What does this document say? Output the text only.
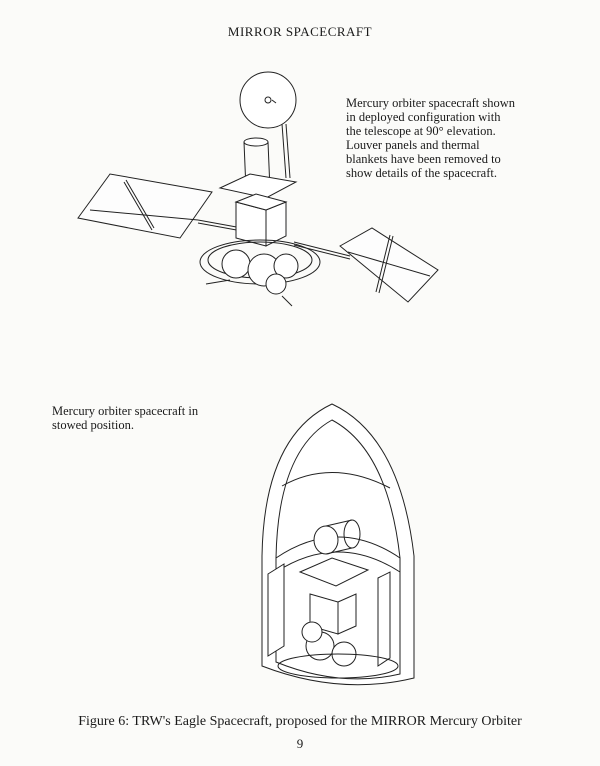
MIRROR SPACECRAFT
Mercury orbiter spacecraft shown
in deployed configuration with
the telescope at 90° elevation.
Louver panels and thermal
blankets have been removed to
show details of the spacecraft.
Mercury orbiter spacecraft in
stowed position.
Figure 6: TRW's Eagle Spacecraft, proposed for the MIRROR Mercury Orbiter
9
